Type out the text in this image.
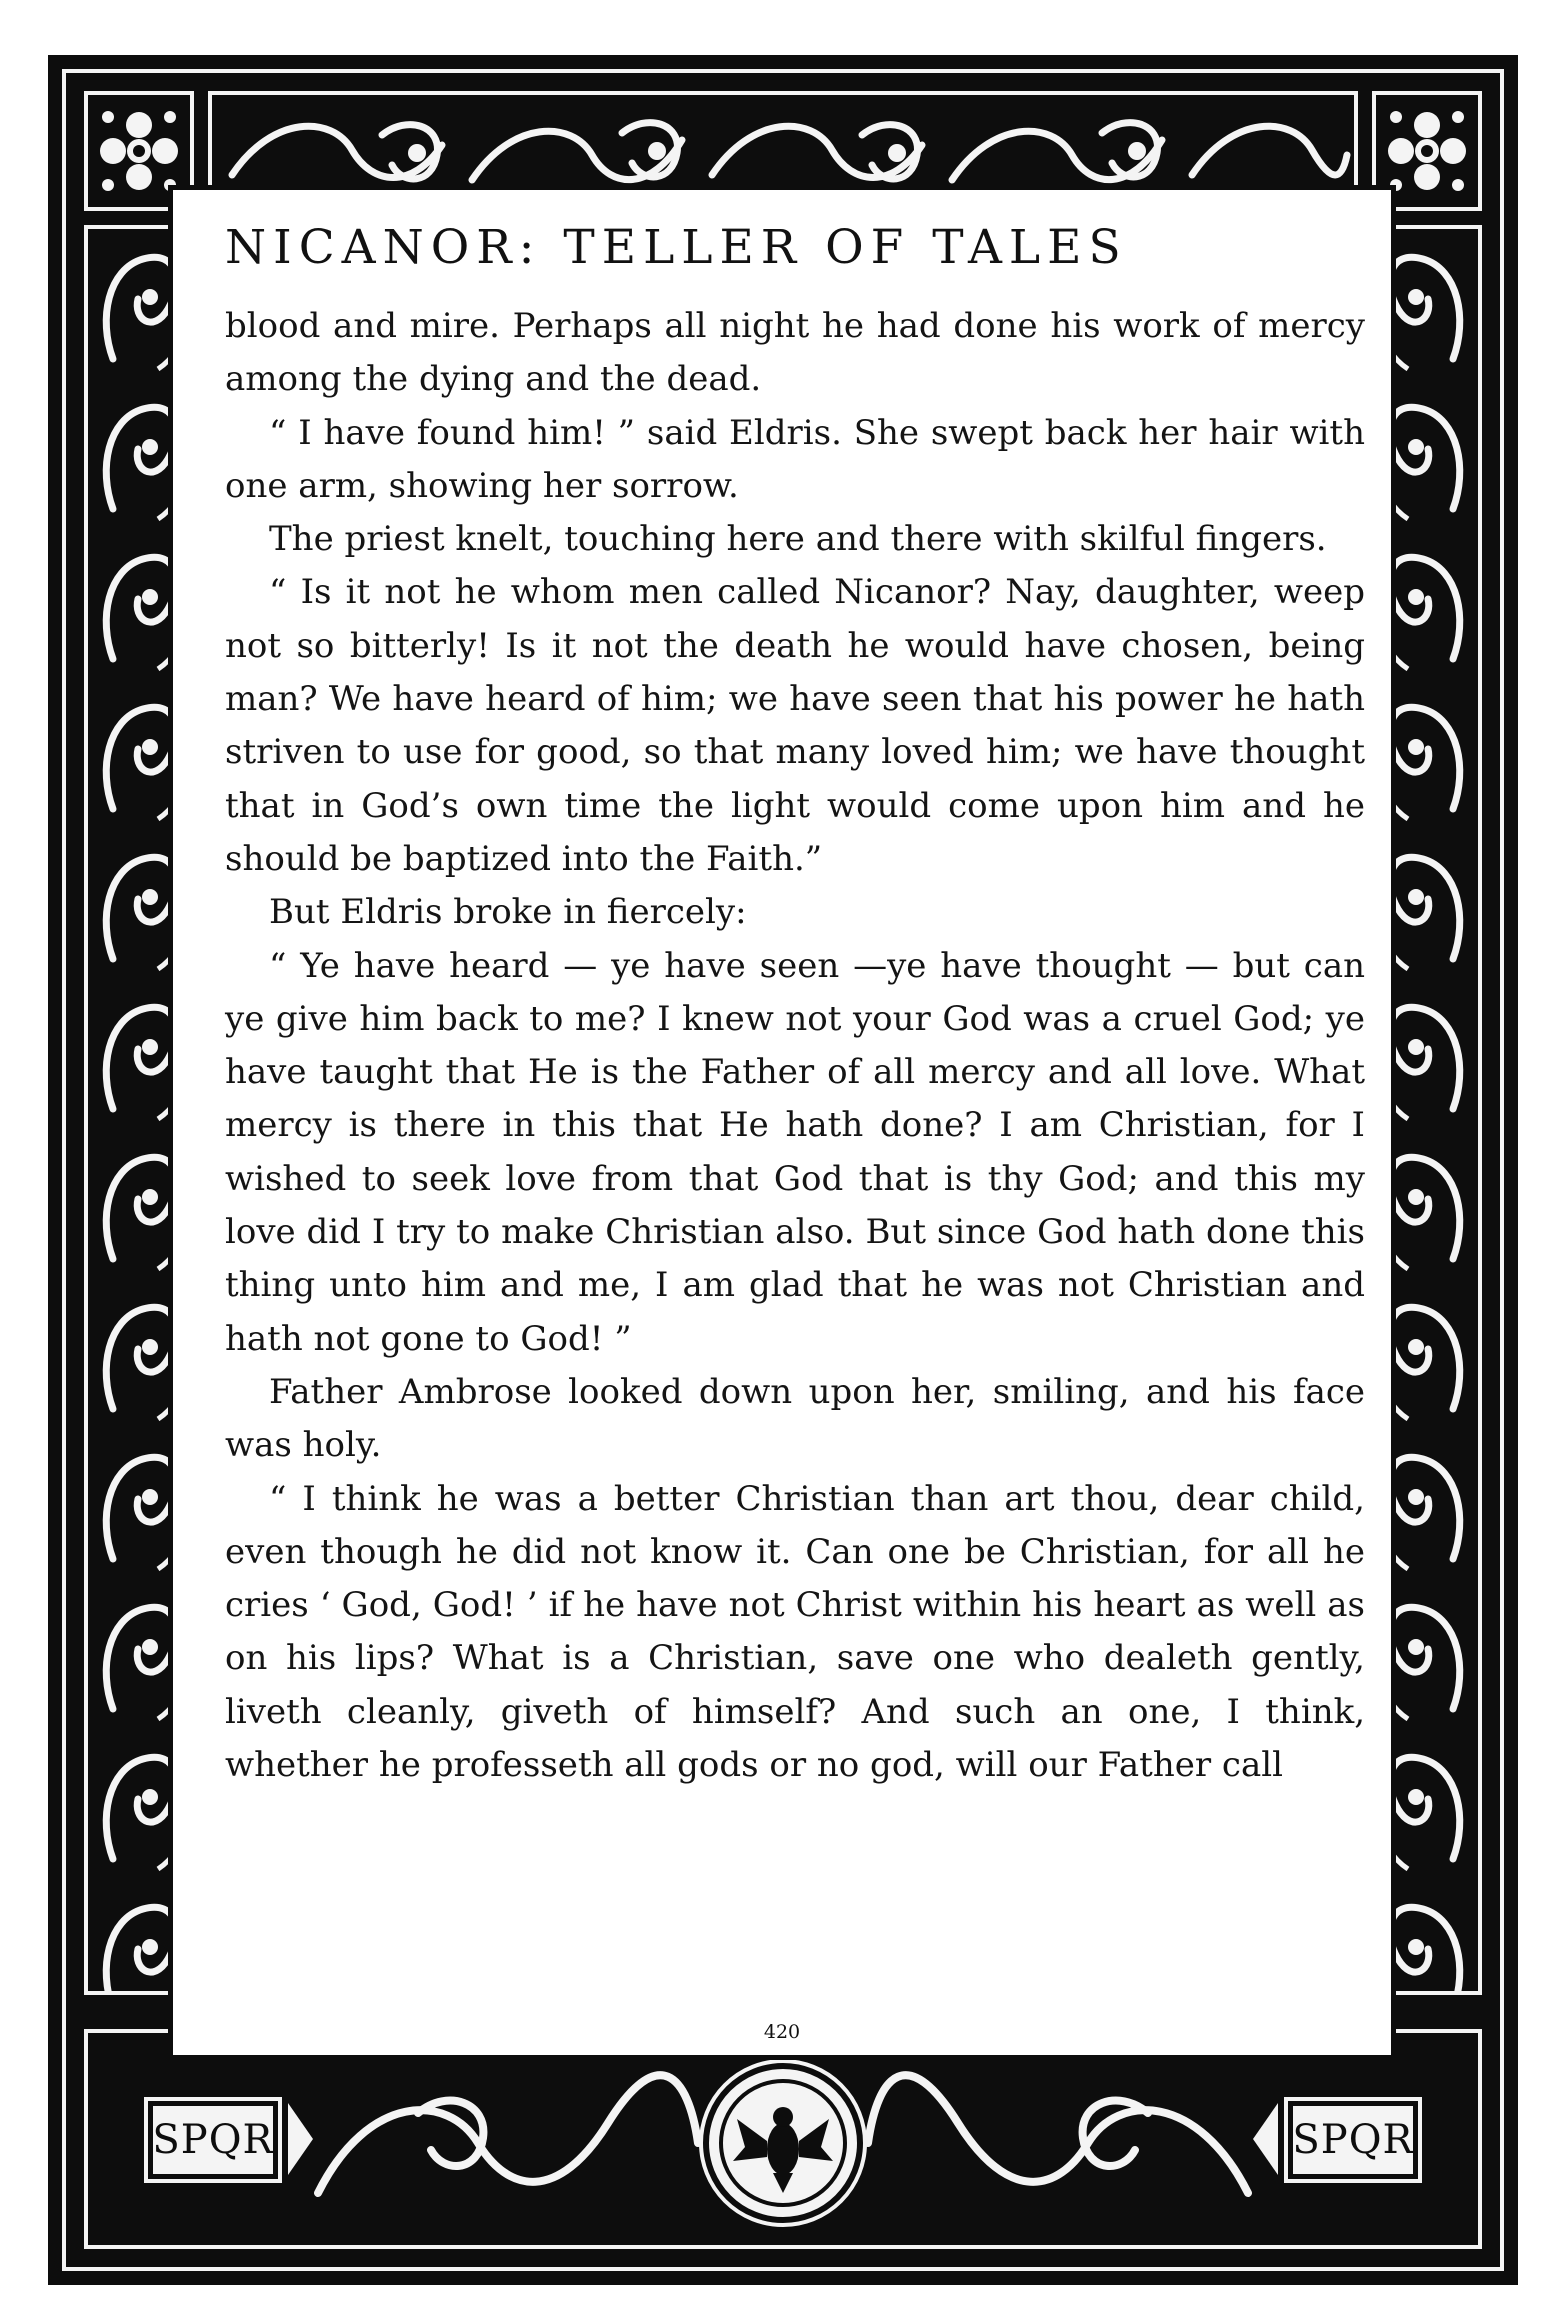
SPQR	SPQR
NICANOR: TELLER OF TALES

blood and mire. Perhaps all night he had done his work of mercy among the dying and the dead.

“ I have found him! ” said Eldris. She swept back her hair with one arm, showing her sorrow.

The priest knelt, touching here and there with skilful fingers.

“ Is it not he whom men called Nicanor? Nay, daughter, weep not so bitterly! Is it not the death he would have chosen, being man? We have heard of him; we have seen that his power he hath striven to use for good, so that many loved him; we have thought that in God’s own time the light would come upon him and he should be baptized into the Faith.”

But Eldris broke in fiercely:

“ Ye have heard — ye have seen —ye have thought — but can ye give him back to me? I knew not your God was a cruel God; ye have taught that He is the Father of all mercy and all love. What mercy is there in this that He hath done? I am Christian, for I wished to seek love from that God that is thy God; and this my love did I try to make Christian also. But since God hath done this thing unto him and me, I am glad that he was not Christian and hath not gone to God! ”

Father Ambrose looked down upon her, smiling, and his face was holy.

“ I think he was a better Christian than art thou, dear child, even though he did not know it. Can one be Christian, for all he cries ‘ God, God! ’ if he have not Christ within his heart as well as on his lips? What is a Christian, save one who dealeth gently, liveth cleanly, giveth of himself? And such an one, I think, whether he professeth all gods or no god, will our Father call

420
